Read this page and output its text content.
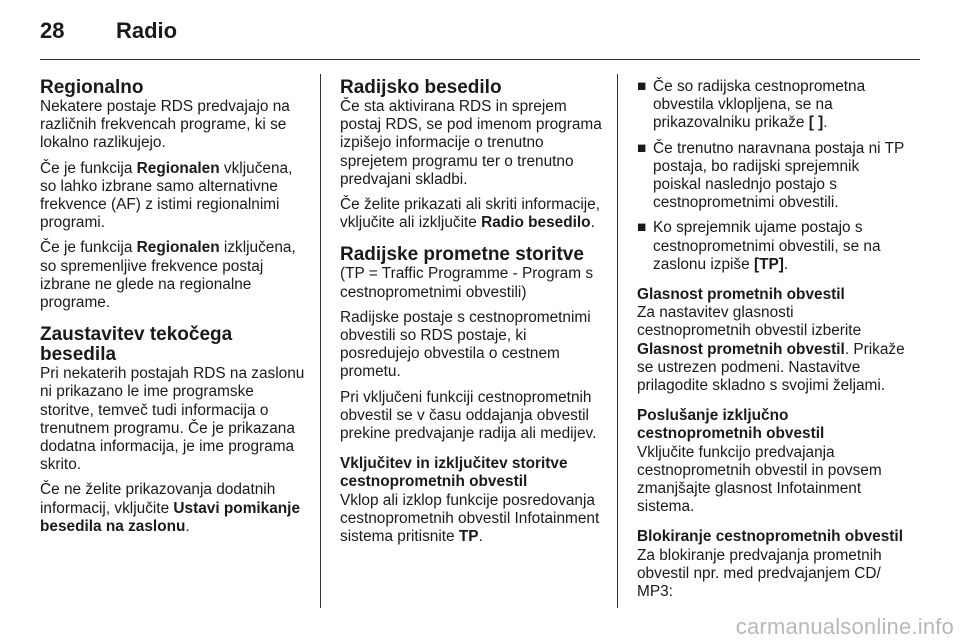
28	Radio
Regionalno

Nekatere postaje RDS predvajajo na različnih frekvencah programe, ki se lokalno razlikujejo.

Če je funkcija Regionalen vključena, so lahko izbrane samo alternativne frekvence (AF) z istimi regionalnimi programi.

Če je funkcija Regionalen izključena, so spremenljive frekvence postaj izbrane ne glede na regionalne programe.

Zaustavitev tekočega besedila

Pri nekaterih postajah RDS na zaslonu ni prikazano le ime programske storitve, temveč tudi informacija o trenutnem programu. Če je prikazana dodatna informacija, je ime programa skrito.

Če ne želite prikazovanja dodatnih informacij, vključite Ustavi pomikanje besedila na zaslonu.

Radijsko besedilo

Če sta aktivirana RDS in sprejem postaj RDS, se pod imenom programa izpišejo informacije o trenutno sprejetem programu ter o trenutno predvajani skladbi.

Če želite prikazati ali skriti informacije, vključite ali izključite Radio besedilo.

Radijske prometne storitve

(TP = Traffic Programme - Program s cestnoprometnimi obvestili)

Radijske postaje s cestnoprometnimi obvestili so RDS postaje, ki posredujejo obvestila o cestnem prometu.

Pri vključeni funkciji cestnoprometnih obvestil se v času oddajanja obvestil prekine predvajanje radija ali medijev.

Vključitev in izključitev storitve cestnoprometnih obvestil

Vklop ali izklop funkcije posredovanja cestnoprometnih obvestil Infotainment sistema pritisnite TP.

■ Če so radijska cestnoprometna obvestila vklopljena, se na prikazovalniku prikaže [ ].
■ Če trenutno naravnana postaja ni TP postaja, bo radijski sprejemnik poiskal naslednjo postajo s cestnoprometnimi obvestili.
■ Ko sprejemnik ujame postajo s cestnoprometnimi obvestili, se na zaslonu izpiše [TP].
Glasnost prometnih obvestil

Za nastavitev glasnosti cestnoprometnih obvestil izberite Glasnost prometnih obvestil. Prikaže se ustrezen podmeni. Nastavitve prilagodite skladno s svojimi željami.

Poslušanje izključno cestnoprometnih obvestil

Vključite funkcijo predvajanja cestnoprometnih obvestil in povsem zmanjšajte glasnost Infotainment sistema.

Blokiranje cestnoprometnih obvestil

Za blokiranje predvajanja prometnih obvestil npr. med predvajanjem CD/ MP3:

carmanualsonline.info
